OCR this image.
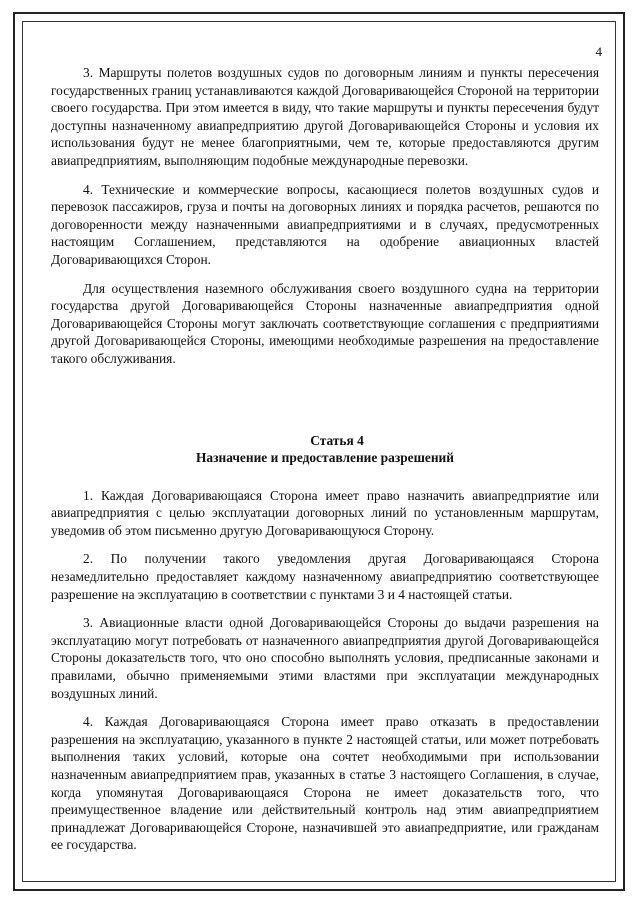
4

3. Маршруты полетов воздушных судов по договорным линиям и пункты пересечения государственных границ устанавливаются каждой Договаривающейся Стороной на территории своего государства. При этом имеется в виду, что такие маршруты и пункты пересечения будут доступны назначенному авиапредприятию другой Договаривающейся Стороны и условия их использования будут не менее благоприятными, чем те, которые предоставляются другим авиапредприятиям, выполняющим подобные международные перевозки.

4. Технические и коммерческие вопросы, касающиеся полетов воздушных судов и перевозок пассажиров, груза и почты на договорных линиях и порядка расчетов, решаются по договоренности между назначенными авиапредприятиями и в случаях, предусмотренных настоящим Соглашением, представляются на одобрение авиационных властей Договаривающихся Сторон.

Для осуществления наземного обслуживания своего воздушного судна на территории государства другой Договаривающейся Стороны назначенные авиапредприятия одной Договаривающейся Стороны могут заключать соответствующие соглашения с предприятиями другой Договаривающейся Стороны, имеющими необходимые разрешения на предоставление такого обслуживания.

Статья 4

Назначение и предоставление разрешений

1. Каждая Договаривающаяся Сторона имеет право назначить авиапредприятие или авиапредприятия с целью эксплуатации договорных линий по установленным маршрутам, уведомив об этом письменно другую Договаривающуюся Сторону.

2. По получении такого уведомления другая Договаривающаяся Сторона незамедлительно предоставляет каждому назначенному авиапредприятию соответствующее разрешение на эксплуатацию в соответствии с пунктами 3 и 4 настоящей статьи.

3. Авиационные власти одной Договаривающейся Стороны до выдачи разрешения на эксплуатацию могут потребовать от назначенного авиапредприятия другой Договаривающейся Стороны доказательств того, что оно способно выполнять условия, предписанные законами и правилами, обычно применяемыми этими властями при эксплуатации международных воздушных линий.

4. Каждая Договаривающаяся Сторона имеет право отказать в предоставлении разрешения на эксплуатацию, указанного в пункте 2 настоящей статьи, или может потребовать выполнения таких условий, которые она сочтет необходимыми при использовании назначенным авиапредприятием прав, указанных в статье 3 настоящего Соглашения, в случае, когда упомянутая Договаривающаяся Сторона не имеет доказательств того, что преимущественное владение или действительный контроль над этим авиапредприятием принадлежат Договаривающейся Стороне, назначившей это авиапредприятие, или гражданам ее государства.
